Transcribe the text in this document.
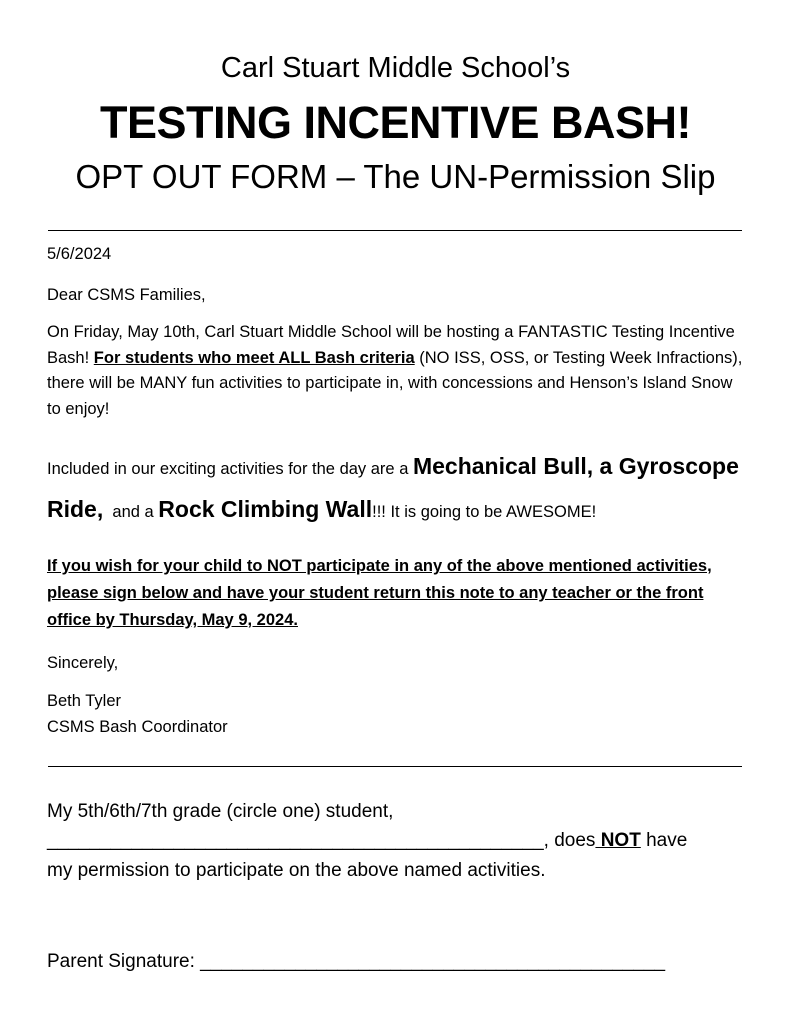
Carl Stuart Middle School’s
TESTING INCENTIVE BASH!
OPT OUT FORM – The UN-Permission Slip
5/6/2024
Dear CSMS Families,
On Friday, May 10th, Carl Stuart Middle School will be hosting a FANTASTIC Testing Incentive Bash! For students who meet ALL Bash criteria (NO ISS, OSS, or Testing Week Infractions), there will be MANY fun activities to participate in, with concessions and Henson’s Island Snow to enjoy!
Included in our exciting activities for the day are a Mechanical Bull, a Gyroscope Ride,  and a Rock Climbing Wall!!! It is going to be AWESOME!
If you wish for your child to NOT participate in any of the above mentioned activities, please sign below and have your student return this note to any teacher or the front office by Thursday, May 9, 2024.
Sincerely,
Beth Tyler
CSMS Bash Coordinator
My 5th/6th/7th grade (circle one) student,
_______________________________________________, does NOT have
my permission to participate on the above named activities.
Parent Signature: ____________________________________________
